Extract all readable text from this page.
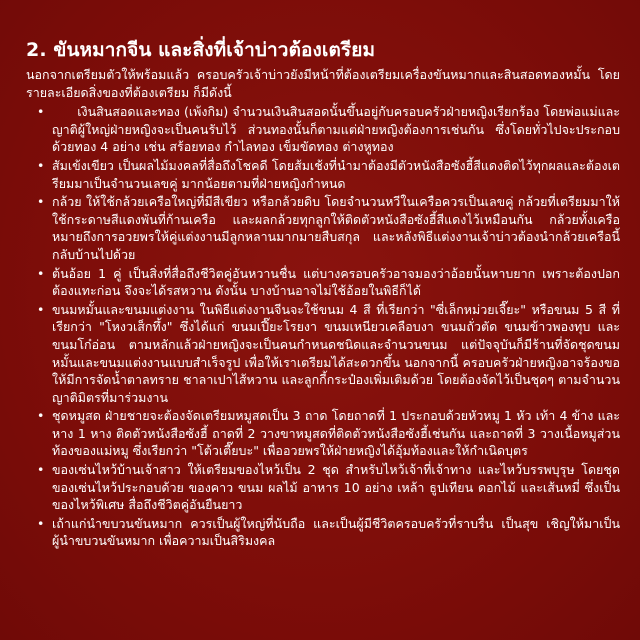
2. ขันหมากจีน และสิ่งที่เจ้าบ่าวต้องเตรียม

นอกจากเตรียมตัวให้พร้อมแล้ว ครอบครัวเจ้าบ่าวยังมีหน้าที่ต้องเตรียมเครื่องขันหมากและสินสอดทองหมั้น โดยรายละเอียดสิ่งของที่ต้องเตรียม ก็มีดังนี้

• เงินสินสอดและทอง (เพ้งกิม) จำนวนเงินสินสอดนั้นขึ้นอยู่กับครอบครัวฝ่ายหญิงเรียกร้อง โดยพ่อแม่และญาติผู้ใหญ่ฝ่ายหญิงจะเป็นคนรับไว้ ส่วนทองนั้นก็ตามแต่ฝ่ายหญิงต้องการเช่นกัน ซึ่งโดยทั่วไปจะประกอบด้วยทอง 4 อย่าง เช่น สร้อยทอง กำไลทอง เข็มขัดทอง ต่างหูทอง
• สัมเข้งเขียว เป็นผลไม้มงคลที่สื่อถึงโชคดี โดยส้มเช้งที่นำมาต้องมีตัวหนังสือซังฮี้สีแดงติดไว้ทุกผลและต้องเตรียมมาเป็นจำนวนเลขคู่ มากน้อยตามที่ฝ่ายหญิงกำหนด
• กล้วย ให้ใช้กล้วยเครือใหญ่ที่มีสีเขียว หรือกล้วยดิบ โดยจำนวนหวีในเครือควรเป็นเลขคู่ กล้วยที่เตรียมมาให้ใช้กระดาษสีแดงพันที่ก้านเครือ และผลกล้วยทุกลูกให้ติดตัวหนังสือซังฮี้สีแดงไว้เหมือนกัน กล้วยทั้งเครือ หมายถึงการอวยพรให้คู่แต่งงานมีลูกหลานมากมายสืบสกุล และหลังพิธีแต่งงานเจ้าบ่าวต้องนำกล้วยเครือนี้กลับบ้านไปด้วย
• ต้นอ้อย 1 คู่ เป็นสิ่งที่สื่อถึงชีวิตคู่อันหวานชื่น แต่บางครอบครัวอาจมองว่าอ้อยนั้นหาบยาก เพราะต้องปอกต้องแทะก่อน จึงจะได้รสหวาน ดังนั้น บางบ้านอาจไม่ใช้อ้อยในพิธีก็ได้
• ขนมหมั้นและขนมแต่งงาน ในพิธีแต่งงานจีนจะใช้ขนม 4 สี ที่เรียกว่า "ซี่เล็กหม่วยเจี๊ยะ" หรือขนม 5 สี ที่เรียกว่า "โหงวเส็กทึ้ง" ซึ่งได้แก่ ขนมเปี๊ยะโรยงา ขนมเหนียวเคลือบงา ขนมถั่วตัด ขนมข้าวพองทุบ และขนมโก๋อ่อน ตามหลักแล้วฝ่ายหญิงจะเป็นคนกำหนดชนิดและจำนวนขนม แต่ปัจจุบันก็มีร้านที่จัดชุดขนมหมั้นและขนมแต่งงานแบบสำเร็จรูป เพื่อให้เราเตรียมได้สะดวกขึ้น นอกจากนี้ ครอบครัวฝ่ายหญิงอาจร้องขอให้มีการจัดน้ำตาลทราย ชาลาเปาไส้หวาน และลูกกี้กระป๋องเพิ่มเติมด้วย โดยต้องจัดไว้เป็นชุดๆ ตามจำนวนญาติมิตรที่มาร่วมงาน
• ชุดหมูสด ฝ่ายชายจะต้องจัดเตรียมหมูสดเป็น 3 ถาด โดยถาดที่ 1 ประกอบด้วยหัวหมู 1 หัว เท้า 4 ข้าง และหาง 1 หาง ติดตัวหนังสือซังฮี้ ถาดที่ 2 วางขาหมูสดที่ติดตัวหนังสือซังฮี้เช่นกัน และถาดที่ 3 วางเนื้อหมูส่วนท้องของแม่หมู ซึ่งเรียกว่า "โต้วเตี๊ยบะ" เพื่ออวยพรให้ฝ่ายหญิงได้อุ้มท้องและให้กำเนิดบุตร
• ของเซ่นไหว้บ้านเจ้าสาว ให้เตรียมของไหว้เป็น 2 ชุด สำหรับไหว้เจ้าที่เจ้าทาง และไหว้บรรพบุรุษ โดยชุดของเซ่นไหว้ประกอบด้วย ของคาว ขนม ผลไม้ อาหาร 10 อย่าง เหล้า ธูปเทียน ดอกไม้ และเส้นหมี่ ซึ่งเป็นของไหว้พิเศษ สื่อถึงชีวิตคู่อันยืนยาว
• เถ้าแก่นำขบวนขันหมาก ควรเป็นผู้ใหญ่ที่นับถือ และเป็นผู้มีชีวิตครอบครัวที่ราบรื่น เป็นสุข เชิญให้มาเป็นผู้นำขบวนขันหมาก เพื่อความเป็นสิริมงคล
